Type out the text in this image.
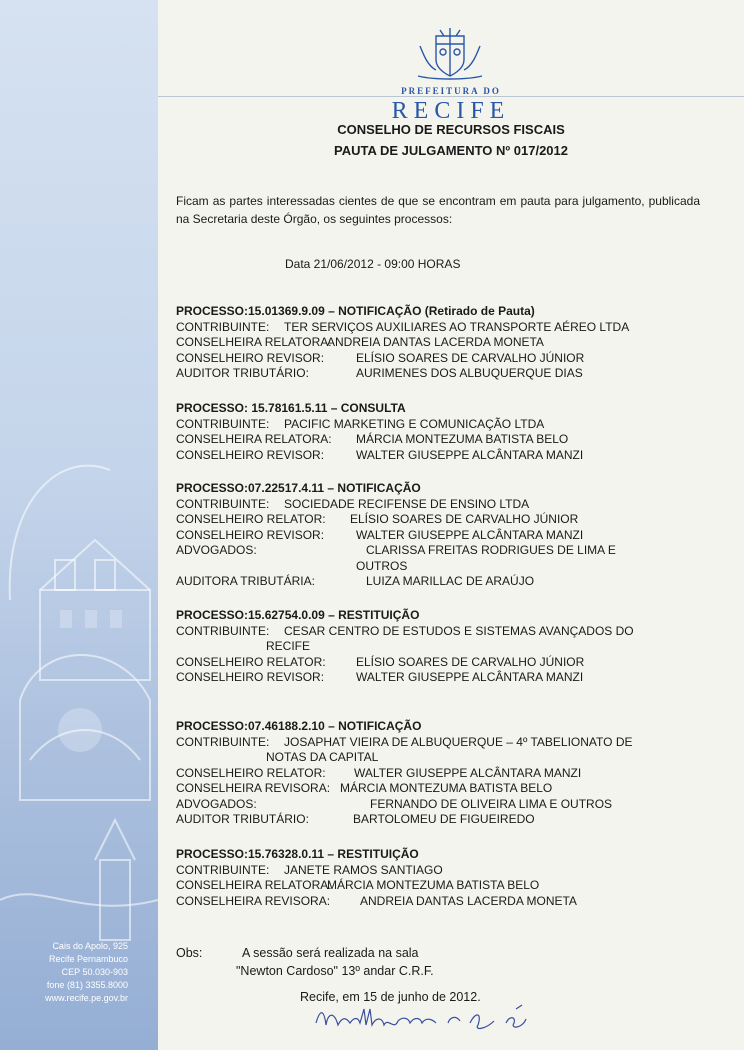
Cais do Apolo, 925
Recife Pernambuco
CEP 50.030-903
fone (81) 3355.8000
www.recife.pe.gov.br
PREFEITURA DO
RECIFE
CONSELHO DE RECURSOS FISCAIS
PAUTA DE JULGAMENTO Nº 017/2012
Ficam as partes interessadas cientes de que se encontram em pauta para julgamento, publicada na Secretaria deste Órgão, os seguintes processos:
Data 21/06/2012 - 09:00 HORAS
PROCESSO:15.01369.9.09 – NOTIFICAÇÃO (Retirado de Pauta)
CONTRIBUINTE: TER SERVIÇOS AUXILIARES AO TRANSPORTE AÉREO LTDA
CONSELHEIRA RELATORA:
ANDREIA DANTAS LACERDA MONETA
CONSELHEIRO REVISOR:	ELÍSIO SOARES DE CARVALHO JÚNIOR
AUDITOR TRIBUTÁRIO:	AURIMENES DOS ALBUQUERQUE DIAS
PROCESSO: 15.78161.5.11 – CONSULTA
CONTRIBUINTE: PACIFIC MARKETING E COMUNICAÇÃO LTDA
CONSELHEIRA RELATORA: MÁRCIA MONTEZUMA BATISTA BELO
CONSELHEIRO REVISOR:	WALTER GIUSEPPE ALCÂNTARA MANZI
PROCESSO:07.22517.4.11 – NOTIFICAÇÃO
CONTRIBUINTE: SOCIEDADE RECIFENSE DE ENSINO LTDA
CONSELHEIRO RELATOR: ELÍSIO SOARES DE CARVALHO JÚNIOR
CONSELHEIRO REVISOR:	WALTER GIUSEPPE ALCÂNTARA MANZI
ADVOGADOS:	CLARISSA FREITAS RODRIGUES DE LIMA E
OUTROS
AUDITORA TRIBUTÁRIA:	LUIZA MARILLAC DE ARAÚJO
PROCESSO:15.62754.0.09 – RESTITUIÇÃO
CONTRIBUINTE: CESAR CENTRO DE ESTUDOS E SISTEMAS AVANÇADOS DO
RECIFE
CONSELHEIRO RELATOR:	ELÍSIO SOARES DE CARVALHO JÚNIOR
CONSELHEIRO REVISOR:	WALTER GIUSEPPE ALCÂNTARA MANZI
PROCESSO:07.46188.2.10 – NOTIFICAÇÃO
CONTRIBUINTE: JOSAPHAT VIEIRA DE ALBUQUERQUE – 4º TABELIONATO DE
NOTAS DA CAPITAL
CONSELHEIRO RELATOR: WALTER GIUSEPPE ALCÂNTARA MANZI
CONSELHEIRA REVISORA: MÁRCIA MONTEZUMA BATISTA BELO
ADVOGADOS:	FERNANDO DE OLIVEIRA LIMA E OUTROS
AUDITOR TRIBUTÁRIO:	BARTOLOMEU DE FIGUEIREDO
PROCESSO:15.76328.0.11 – RESTITUIÇÃO
CONTRIBUINTE: JANETE RAMOS SANTIAGO
CONSELHEIRA RELATORA:
MÁRCIA MONTEZUMA BATISTA BELO
CONSELHEIRA REVISORA: ANDREIA DANTAS LACERDA MONETA
Obs:	A sessão será realizada na sala
"Newton Cardoso" 13º andar C.R.F.
Recife, em 15 de junho de 2012.
